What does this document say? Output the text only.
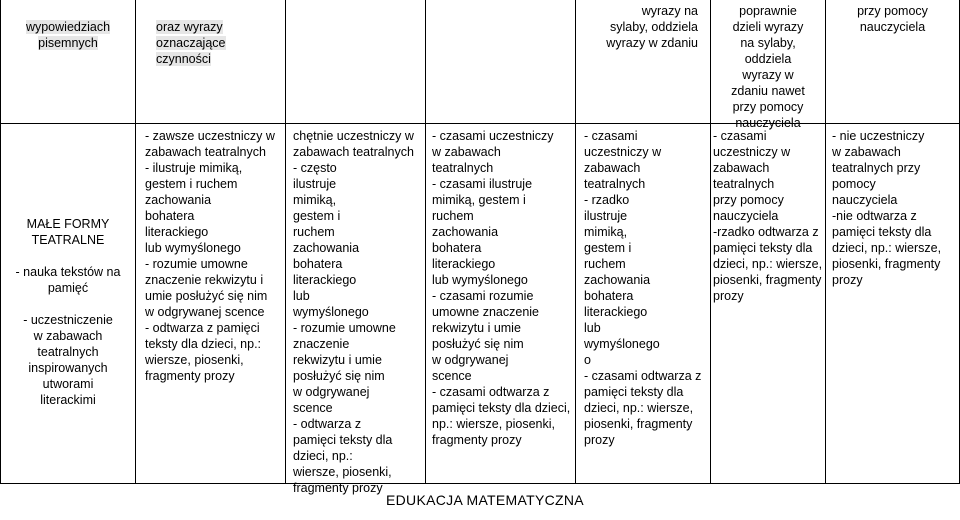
wypowiedziach
pisemnych

oraz wyrazy
oznaczające czynności

wyrazy na
sylaby, oddziela
wyrazy w zdaniu
poprawnie
dzieli wyrazy
na sylaby,
oddziela
wyrazy w
zdaniu nawet
przy pomocy
nauczyciela
przy pomocy
nauczyciela
MAŁE FORMY
TEATRALNE

- nauka tekstów na
pamięć

- uczestniczenie
w zabawach
teatralnych
inspirowanych
utworami
literackimi
- zawsze uczestniczy w
zabawach teatralnych
- ilustruje mimiką,
gestem i ruchem
zachowania
bohatera
literackiego
lub wymyślonego
- rozumie umowne
znaczenie rekwizytu i
umie posłużyć się nim
w odgrywanej scence
- odtwarza z pamięci
teksty dla dzieci, np.:
wiersze, piosenki,
fragmenty prozy
chętnie uczestniczy w
zabawach teatralnych
- często
ilustruje
mimiką,
gestem i
ruchem
zachowania
bohatera
literackiego
lub
wymyślonego
- rozumie umowne
znaczenie
rekwizytu i umie
posłużyć się nim
w odgrywanej
scence
- odtwarza z
pamięci teksty dla
dzieci, np.:
wiersze, piosenki,
fragmenty prozy
- czasami uczestniczy
w zabawach
teatralnych
- czasami ilustruje
mimiką, gestem i
ruchem
zachowania
bohatera
literackiego
lub wymyślonego
- czasami rozumie
umowne znaczenie
rekwizytu i umie
posłużyć się nim
w odgrywanej
scence
- czasami odtwarza z
pamięci teksty dla dzieci,
np.: wiersze, piosenki,
fragmenty prozy
- czasami
uczestniczy w
zabawach
teatralnych
- rzadko
ilustruje
mimiką,
gestem i
ruchem
zachowania
bohatera
literackiego
lub
wymyślonego
o
- czasami odtwarza z
pamięci teksty dla
dzieci, np.: wiersze,
piosenki, fragmenty
prozy
- czasami
uczestniczy w
zabawach
teatralnych
przy pomocy
nauczyciela
-rzadko odtwarza z
pamięci teksty dla
dzieci, np.: wiersze,
piosenki, fragmenty
prozy
- nie uczestniczy
w zabawach
teatralnych przy
pomocy
nauczyciela
-nie odtwarza z
pamięci teksty dla
dzieci, np.: wiersze,
piosenki, fragmenty
prozy
EDUKACJA MATEMATYCZNA
